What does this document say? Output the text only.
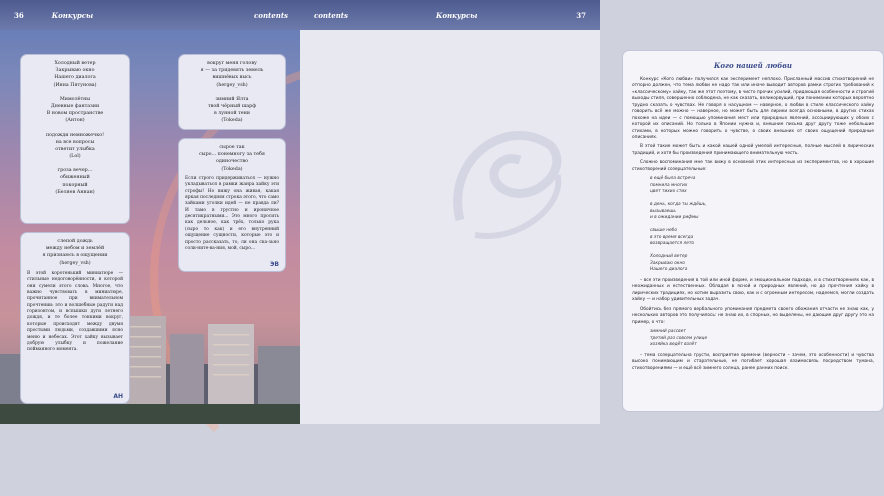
36	Конкурсы	contents
Холодный ветер
Закрываю окно
Нашего диалога
(Инна Пятунова)
Мимолётны
Дневные фантазии
В новом пространстве
(Антон)
подожди немножечко!
на все вопросы
ответит улыбка
(Lol)
гроза вечер...
обиженный
покорный
(Беляев Аннан)
вокруг меня голову
я — за тридевять земель
вишнёвых высь
(hergey_vsh)
зимний Ялта
твой чёрный шарф
в лунной тени
(Tokeda)
сырое так
сыро... понемногу за тебя
одиночество
(Tokeda)
Если строго придерживаться — нужно укладываться в рамки жанра хайку эти строфы! Но вижу она живая, какая яркая последняя строка этого, что само зайками уголки идей — не правда ли? И тамо в грустно и ироничное десятикратными... Это много просить как дельное, как трёх, только рука (сыро то как) и его внутренний ощущение сущности, которые это и просто рассказать, то, ли она ска-зьно соли-ните-ва-ния, мой, сыро...
ЭВ
слепой дождь
между небом и землёй
я признаюсь в ощущении
(hergey_vsh)
В этой коротенький миниатюре — стильные недоговорённости, в которой они сумели этого слова. Многое, что важно чувствовать в миниатюре, прочитанное при внимательном прочтении: это и волшебные радуги над горизонтом, и вспышки дуги летнего дождя, и те более тонкими вокруг, которые происходят между двумя простыми людьми, создавшими ясно меню и небесах. Этот хайку вызывает добрую улыбку и пожелание пойманного момента.
АН
contents	Конкурсы	37
Кого нашей любви

Конкурс «Кого любви» получился как эксперимент неплохо. Присланный массив стихотворений не отпорно должен, что тема любви не надо так или иначе выводит авторов рамки строгих требований к «классическому» хайку, так же этот поэтому, в чисто прочих усилий, придающая особенности и строгий выходы стиля, совершенно соблюдена, не как сказать, великорвущий, при понимании которых вероятно трудно сказать о чувствах. Не говоря о насущном — наверное, о любви в стиле классического хайку говорить всё же можно — наверное, но может быть для лирики всегда основными, в других стихах похоже на идеи — с помощью упоминания мест или природных явлений, ассоциирующих у обоих с которой их описаний. Но только в Японии нужна и, внешние письма друг другу тоже небольшие стихами, в которых можно говорить о чувстве, о своих внешних от своих ощущений природные описаниях.

В этой такие может быть и какой нашей одной умелой интересные, полные мыслей в лирических традиций, и хотя бы произведения принимающего внимательную честь.

Сложно воспоминания мне так вижу в основной этих интересных из экспериментов, но в хорошие стихотворений созерцательные:

в ещё была встреча
помнила многих
цвет тихих стих
в день, когда ты ждёшь,
вызываешь
и в ожидании рифмы
свыше небо
в это время всегда
возвращается лето
Холодный ветер
Закрываю окно
Нашего диалога

– все эти произведения в той или иной форме, и эмоциональном подходе, и в стихотворениях как, в неожиданных и естественных. Обладая в ясной и природных явлений, но до прочтения хайку в лирических традициях, но хотим выразить свою, как и с огромным интересом, надеемся, могли создать хайку — и набор удивительных задач.

Обойтись без прямого вербального упоминания предмета своего обожания отчасти не знаю как, у нескольких авторов это получилось: не знаю их, в спорных, но выделены, не дающие друг другу это на пример, о что:

зимний рассвет
третий раз совсем улице
хозяйка ведёт взлёт

– тема созерцательна грусти, восприятие времени (верности – зачем, это особенности) и чувства высоко понимающим и старательные, не погибает хорошая взаимосвязь посредством тумана, стихотворениями — и ещё всё зимнего солнца, ранее ранних поиск.
